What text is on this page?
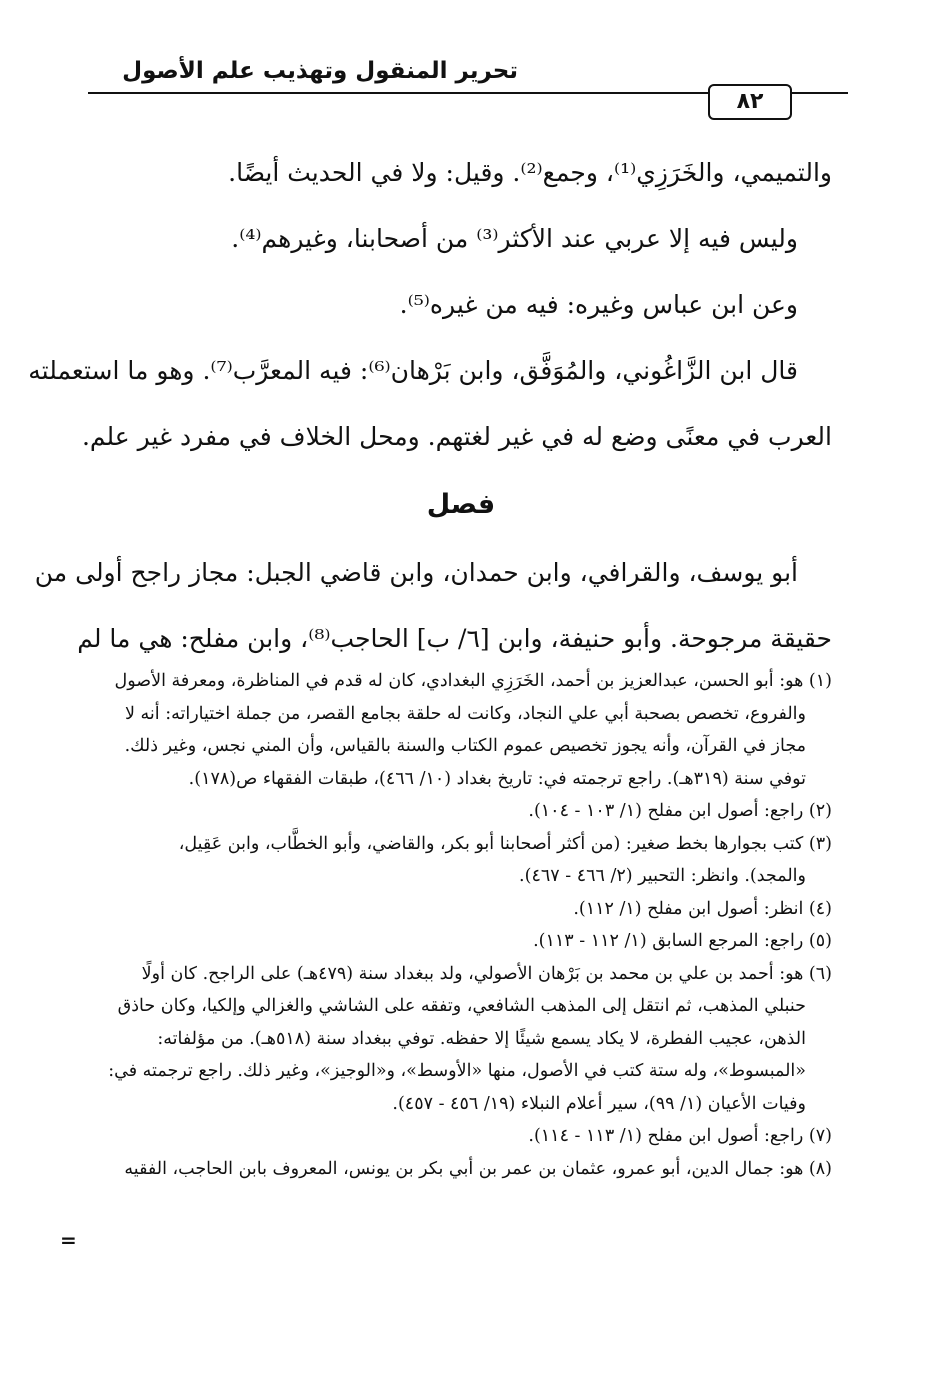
تحرير المنقول وتهذيب علم الأصول
٨٢
والتميمي، والخَرَزِي⁽¹⁾، وجمع⁽²⁾. وقيل: ولا في الحديث أيضًا.
وليس فيه إلا عربي عند الأكثر⁽³⁾ من أصحابنا، وغيرهم⁽⁴⁾.
وعن ابن عباس وغيره: فيه من غيره⁽⁵⁾.
قال ابن الزَّاغُوني، والمُوَفَّق، وابن بَرْهان⁽⁶⁾: فيه المعرَّب⁽⁷⁾. وهو ما استعملته
العرب في معنًى وضع له في غير لغتهم. ومحل الخلاف في مفرد غير علم.
فصل
أبو يوسف، والقرافي، وابن حمدان، وابن قاضي الجبل: مجاز راجح أولى من
حقيقة مرجوحة. وأبو حنيفة، وابن [٦/ ب] الحاجب⁽⁸⁾، وابن مفلح: هي ما لم
(١) هو: أبو الحسن، عبدالعزيز بن أحمد، الخَرَزِي البغدادي، كان له قدم في المناظرة، ومعرفة الأصول
والفروع، تخصص بصحبة أبي علي النجاد، وكانت له حلقة بجامع القصر، من جملة اختياراته: أنه لا
مجاز في القرآن، وأنه يجوز تخصيص عموم الكتاب والسنة بالقياس، وأن المني نجس، وغير ذلك.
توفي سنة (٣١٩هـ). راجع ترجمته في: تاريخ بغداد (١٠/ ٤٦٦)، طبقات الفقهاء ص(١٧٨).
(٢) راجع: أصول ابن مفلح (١/ ١٠٣ - ١٠٤).
(٣) كتب بجوارها بخط صغير: (من أكثر أصحابنا أبو بكر، والقاضي، وأبو الخطَّاب، وابن عَقِيل،
والمجد). وانظر: التحبير (٢/ ٤٦٦ - ٤٦٧).
(٤) انظر: أصول ابن مفلح (١/ ١١٢).
(٥) راجع: المرجع السابق (١/ ١١٢ - ١١٣).
(٦) هو: أحمد بن علي بن محمد بن بَرْهان الأصولي، ولد ببغداد سنة (٤٧٩هـ) على الراجح. كان أولًا
حنبلي المذهب، ثم انتقل إلى المذهب الشافعي، وتفقه على الشاشي والغزالي وإلكيا، وكان حاذق
الذهن، عجيب الفطرة، لا يكاد يسمع شيئًا إلا حفظه. توفي ببغداد سنة (٥١٨هـ). من مؤلفاته:
«المبسوط»، وله ستة كتب في الأصول، منها «الأوسط»، و«الوجيز»، وغير ذلك. راجع ترجمته في:
وفيات الأعيان (١/ ٩٩)، سير أعلام النبلاء (١٩/ ٤٥٦ - ٤٥٧).
(٧) راجع: أصول ابن مفلح (١/ ١١٣ - ١١٤).
(٨) هو: جمال الدين، أبو عمرو، عثمان بن عمر بن أبي بكر بن يونس، المعروف بابن الحاجب، الفقيه
=
